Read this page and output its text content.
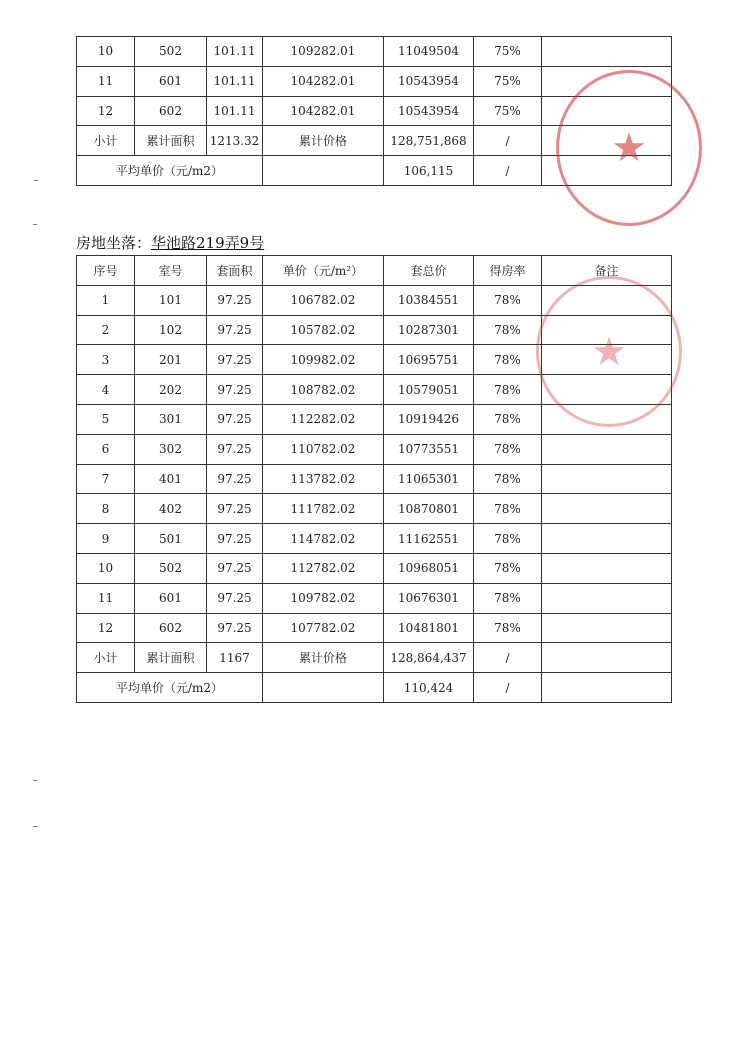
10	502	101.11	109282.01	11049504	75%	
11	601	101.11	104282.01	10543954	75%	
12	602	101.11	104282.01	10543954	75%	
小计	累计面积	1213.32	累计价格	128,751,868	/	
平均单价（元/m2）				106,115	/	
房地坐落：华池路219弄9号
序号	室号	套面积	单价（元/m²）	套总价	得房率	备注
1	101	97.25	106782.02	10384551	78%	
2	102	97.25	105782.02	10287301	78%	
3	201	97.25	109982.02	10695751	78%	
4	202	97.25	108782.02	10579051	78%	
5	301	97.25	112282.02	10919426	78%	
6	302	97.25	110782.02	10773551	78%	
7	401	97.25	113782.02	11065301	78%	
8	402	97.25	111782.02	10870801	78%	
9	501	97.25	114782.02	11162551	78%	
10	502	97.25	112782.02	10968051	78%	
11	601	97.25	109782.02	10676301	78%	
12	602	97.25	107782.02	10481801	78%	
小计	累计面积	1167	累计价格	128,864,437	/	
平均单价（元/m2）				110,424	/	
★
★
